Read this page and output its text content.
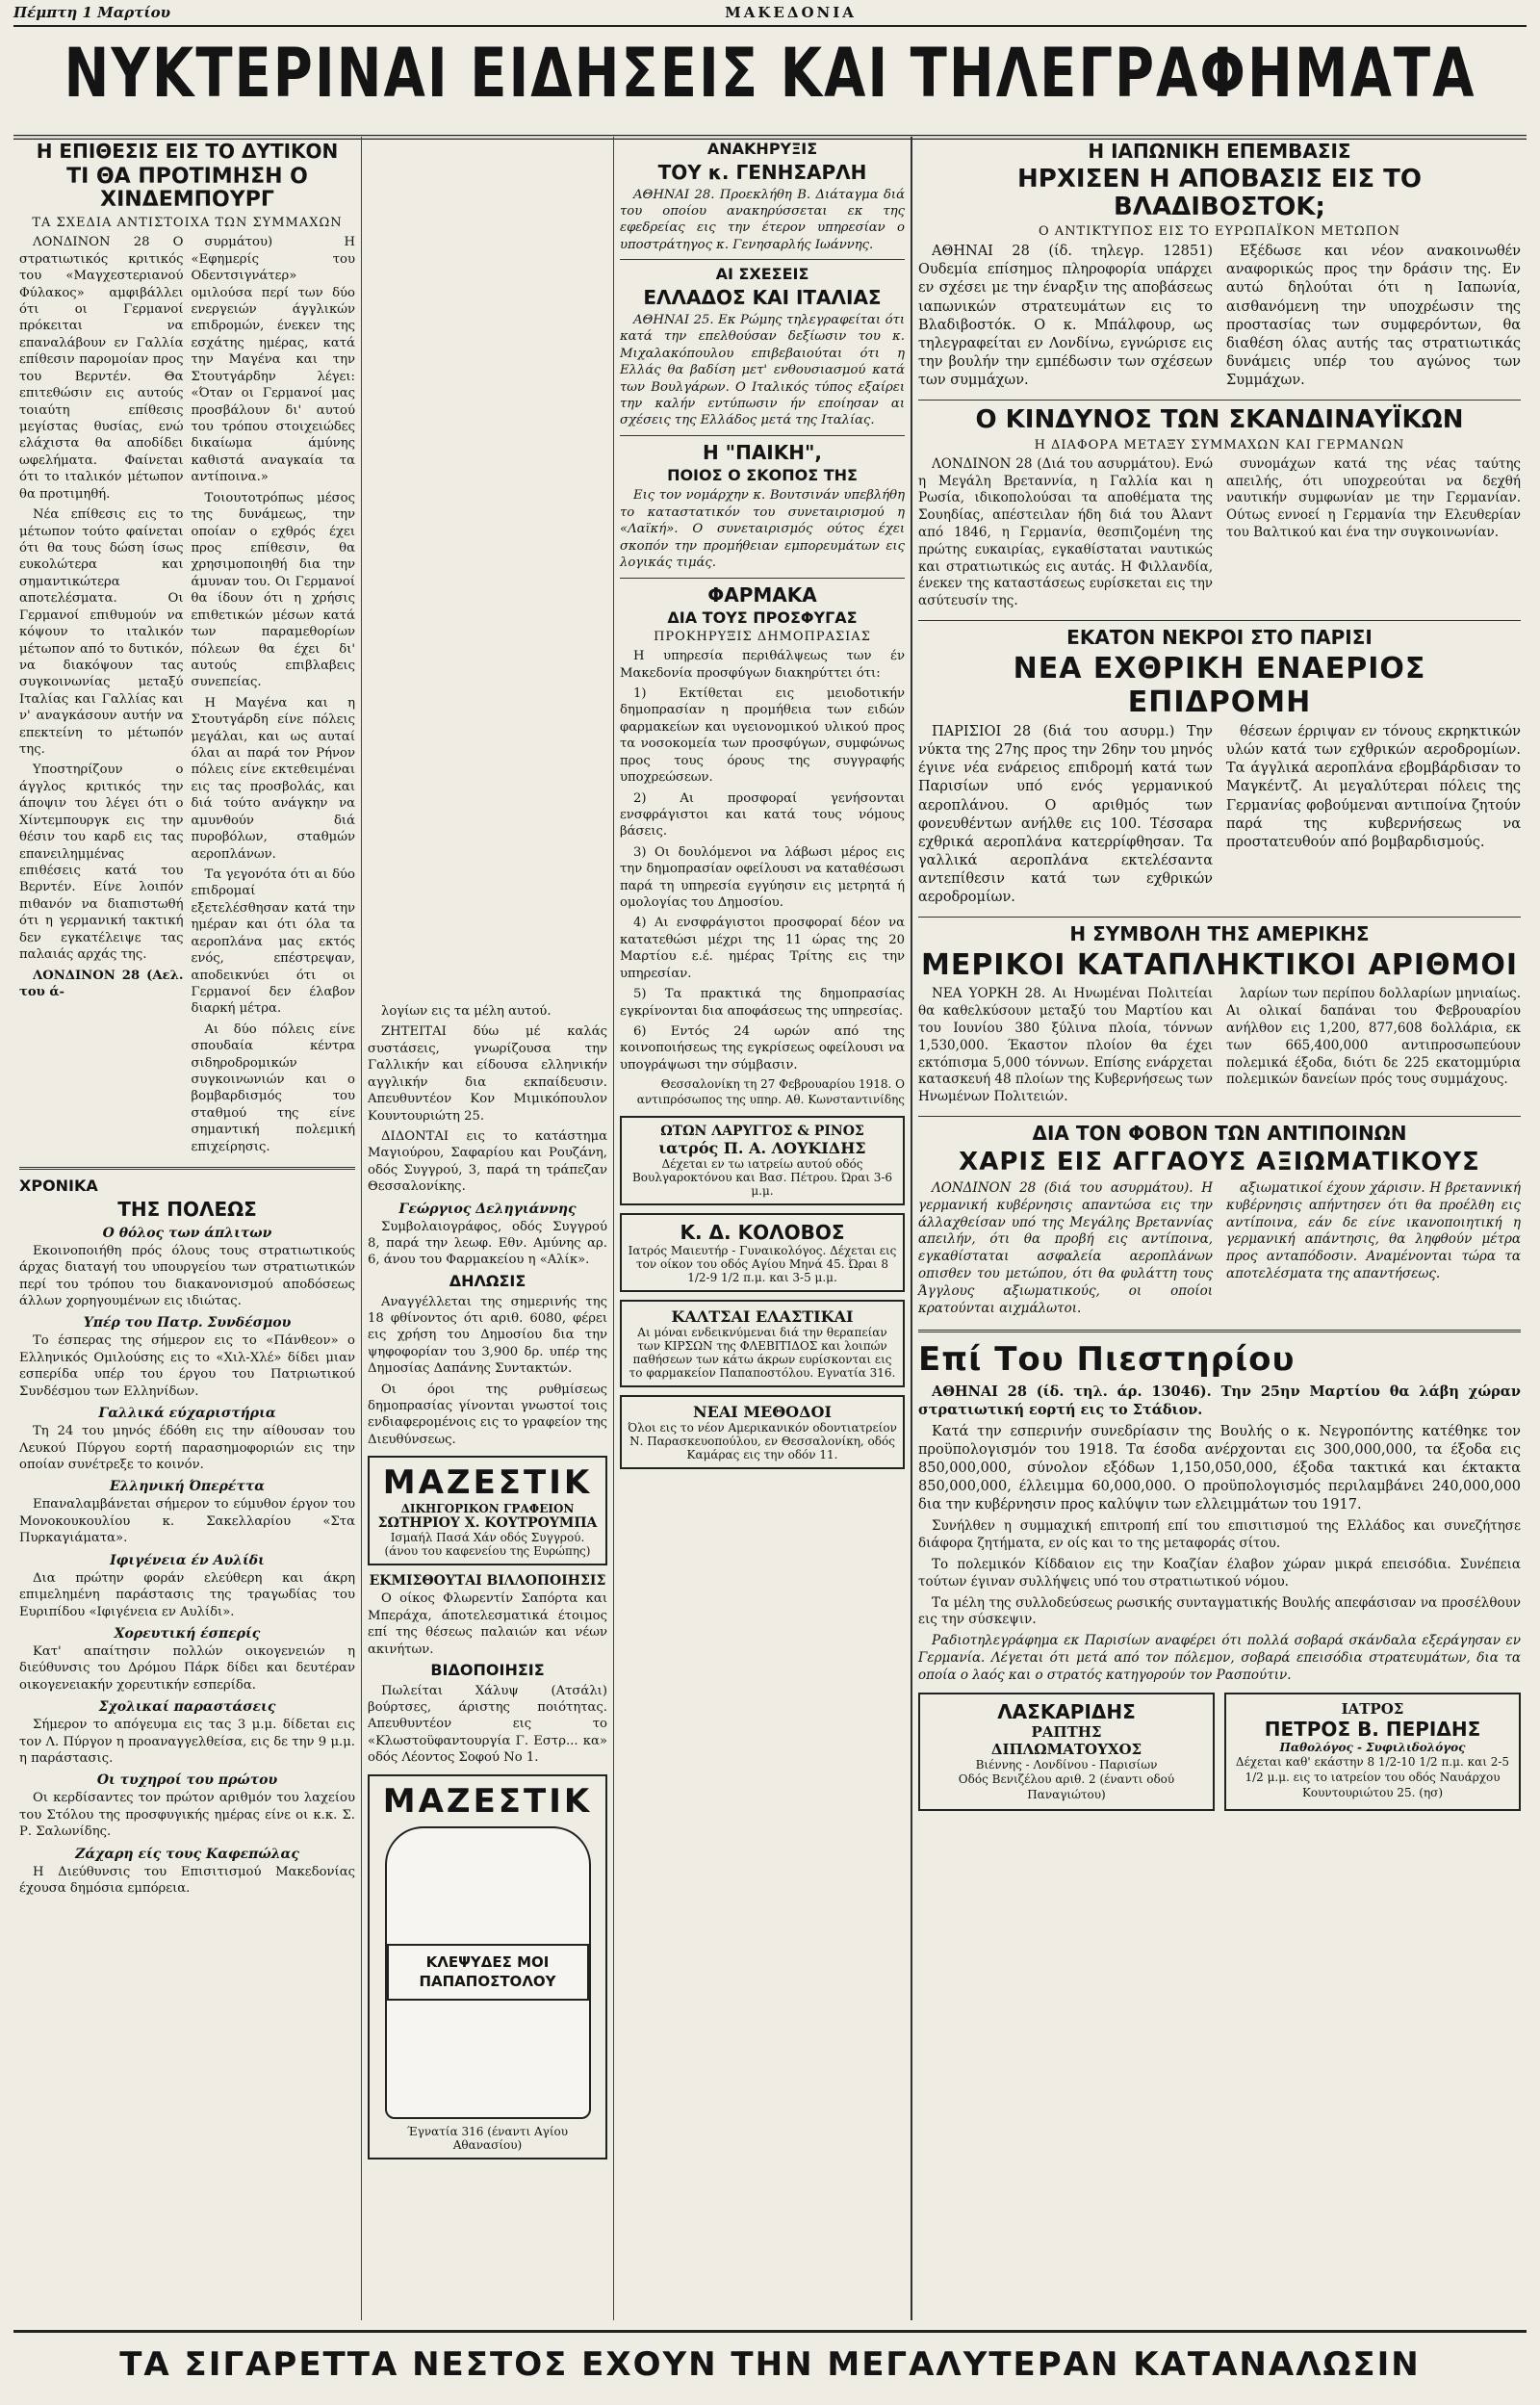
Πέμπτη 1 Μαρτίου	ΜΑΚΕΔΟΝΙΑ
ΝΥΚΤΕΡΙΝΑΙ ΕΙΔΗΣΕΙΣ ΚΑΙ ΤΗΛΕΓΡΑΦΗΜΑΤΑ
Η ΕΠΙΘΕΣΙΣ ΕΙΣ ΤΟ ΔΥΤΙΚΟΝ
ΤΙ ΘΑ ΠΡΟΤΙΜΗΣΗ Ο ΧΙΝΔΕΜΠΟΥΡΓ
ΤΑ ΣΧΕΔΙΑ ΑΝΤΙΣΤΟΙΧΑ ΤΩΝ ΣΥΜΜΑΧΩΝ

ΛΟΝΔΙΝΟΝ 28 Ο στρατιωτικός κριτικός του «Μαγχεστεριανού Φύλακος» αμφιβάλλει ότι οι Γερμανοί πρόκειται να επαναλάβουν εν Γαλλία επίθεσιν παρομοίαν προς του Βερντέν. Θα επιτεθώσιν εις αυτούς τοιαύτη επίθεσις μεγίστας θυσίας, ενώ ελάχιστα θα αποδίδει ωφελήματα. Φαίνεται ότι το ιταλικόν μέτωπον θα προτιμηθή.

Νέα επίθεσις εις το μέτωπον τούτο φαίνεται ότι θα τους δώση ίσως ευκολώτερα και σημαντικώτερα αποτελέσματα. Οι Γερμανοί επιθυμούν να κόψουν το ιταλικόν μέτωπον από το δυτικόν, να διακόψουν τας συγκοινωνίας μεταξύ Ιταλίας και Γαλλίας και ν' αναγκάσουν αυτήν να επεκτείνη το μέτωπόν της.

Υποστηρίζουν ο άγγλος κριτικός την άποψιν του λέγει ότι ο Χίντεμπουργκ εις την θέσιν του καρδ εις τας επανειλημμένας επιθέσεις κατά του Βερντέν. Είνε λοιπόν πιθανόν να διαπιστωθή ότι η γερμανική τακτική δεν εγκατέλειψε τας παλαιάς αρχάς της.

ΛΟΝΔΙΝΟΝ 28 (Αελ. του ά-

συρμάτου) Η «Εφημερίς του Οδεντσιγνάτερ» ομιλούσα περί των δύο ενεργειών άγγλικών επιδρομών, ένεκεν της εσχάτης ημέρας, κατά την Μαγένα και την Στουτγάρδην λέγει: «Όταν οι Γερμανοί μας προσβάλουν δι' αυτού του τρόπου στοιχειώδες δικαίωμα άμύνης καθιστά αναγκαία τα αντίποινα.»

Τοιουτοτρόπως μέσος της δυνάμεως, την οποίαν ο εχθρός έχει προς επίθεσιν, θα χρησιμοποιηθή δια την άμυναν του. Οι Γερμανοί θα ίδουν ότι η χρήσις επιθετικών μέσων κατά των παραμεθορίων πόλεων θα έχει δι' αυτούς επιβλαβεις συνεπείας.

Η Μαγένα και η Στουτγάρδη είνε πόλεις μεγάλαι, και ως αυταί όλαι αι παρά τον Ρήνον πόλεις είνε εκτεθειμέναι εις τας προσβολάς, και διά τούτο ανάγκην να αμυνθούν διά πυροβόλων, σταθμών αεροπλάνων.

Τα γεγονότα ότι αι δύο επιδρομαί εξετελέσθησαν κατά την ημέραν και ότι όλα τα αεροπλάνα μας εκτός ενός, επέστρεψαν, αποδεικνύει ότι οι Γερμανοί δεν έλαβον διαρκή μέτρα.

Αι δύο πόλεις είνε σπουδαία κέντρα σιδηροδρομικών συγκοινωνιών και ο βομβαρδισμός του σταθμού της είνε σημαντική πολεμική επιχείρησις.

ΧΡΟΝΙΚΑ
ΤΗΣ ΠΟΛΕΩΣ
Ο θόλος των άπλιτων

Εκοινοποιήθη πρός όλους τους στρατιωτικούς άρχας διαταγή του υπουργείου των στρατιωτικών περί του τρόπου του διακανονισμού αποδόσεως άλλων χορηγουμένων εις ιδιώτας.

Υπέρ του Πατρ. Συνδέσμου

Το έσπερας της σήμερον εις το «Πάνθεον» ο Ελληνικός Ομιλούσης εις το «Χιλ-Χλέ» δίδει μιαν εσπερίδα υπέρ του έργου του Πατριωτικού Συνδέσμου των Ελληνίδων.

Γαλλικά εύχαριστήρια

Τη 24 του μηνός έδόθη εις την αίθουσαν του Λευκού Πύργου εορτή παρασημοφοριών εις την οποίαν συνέτρεξε το κοινόν.

Ελληνική Όπερέττα

Επαναλαμβάνεται σήμερον το εύμυθον έργον του Μονοκουκουλίου κ. Σακελλαρίου «Στα Πυρκαγιάματα».

Ιφιγένεια έν Αυλίδι

Δια πρώτην φοράν ελεύθερη και άκρη επιμελημένη παράστασις της τραγωδίας του Ευριπίδου «Ιφιγένεια εν Αυλίδι».

Χορευτική έσπερίς

Κατ' απαίτησιν πολλών οικογενειών η διεύθυνσις του Δρόμου Πάρκ δίδει και δευτέραν οικογενειακήν χορευτικήν εσπερίδα.

Σχολικαί παραστάσεις

Σήμερον το απόγευμα εις τας 3 μ.μ. δίδεται εις τον Λ. Πύργον η προαναγγελθείσα, εις δε την 9 μ.μ. η παράστασις.

Οι τυχηροί του πρώτου

Οι κερδίσαντες τον πρώτον αριθμόν του λαχείου του Στόλου της προσφυγικής ημέρας είνε οι κ.κ. Σ. Ρ. Σαλωνίδης.

Ζάχαρη είς τους Καφεπώλας

Η Διεύθυνσις του Επισιτισμού Μακεδονίας έχουσα δημόσια εμπόρεια.

λογίων εις τα μέλη αυτού.

ΖΗΤΕΙΤΑΙ δύω μέ καλάς συστάσεις, γνωρίζουσα την Γαλλικήν και είδουσα ελληνικήν αγγλικήν δια εκπαίδευσιν. Απευθυντέον Κον Μιμικόπουλον Κουντουριώτη 25.

ΔΙΔΟΝΤΑΙ εις το κατάστημα Μαγιούρου, Σαφαρίου και Ρουζάνη, οδός Συγγρού, 3, παρά τη τράπεζαν Θεσσαλονίκης.

Γεώργιος Δεληγιάννης

Συμβολαιογράφος, οδός Συγγρού 8, παρά την λεωφ. Εθν. Αμύνης αρ. 6, άνου του Φαρμακείου η «Αλίκ».

ΔΗΛΩΣΙΣ

Αναγγέλλεται της σημερινής της 18 φθίνοντος ότι αριθ. 6080, φέρει εις χρήση του Δημοσίου δια την ψηφοφορίαν του 3,900 δρ. υπέρ της Δημοσίας Δαπάνης Συντακτών.

Οι όροι της ρυθμίσεως δημοπρασίας γίνονται γνωστοί τοις ενδιαφερομένοις εις το γραφείον της Διευθύνσεως.

ΜΑΖΕΣΤΙΚ
ΔΙΚΗΓΟΡΙΚΟΝ ΓΡΑΦΕΙΟΝ
ΣΩΤΗΡΙΟΥ Χ. ΚΟΥΤΡΟΥΜΠΑ
Ισμαήλ Πασά Χάν οδός Συγγρού. (άνου του καφενείου της Ευρώπης)
ΕΚΜΙΣΘΟΥΤΑΙ ΒΙΛΛΟΠΟΙΗΣΙΣ

Ο οίκος Φλωρεντίν Σαπόρτα και Μπεράχα, άποτελεσματικά έτοιμος επί της θέσεως παλαιών και νέων ακινήτων.

ΒΙΔΟΠΟΙΗΣΙΣ

Πωλείται Χάλυψ (Ατσάλι) βούρτσες, άριστης ποιότητας. Απευθυντέον εις το «Κλωστοϋφαντουργία Γ. Εστρ... κα» οδός Λέοντος Σοφού Νο 1.

ΜΑΖΕΣΤΙΚ
ΚΛΕΨΥΔΕΣ ΜΟΙ ΠΑΠΑΠΟΣΤΟΛΟΥ
Έγνατία 316 (έναντι Αγίου Αθανασίου)
ΑΝΑΚΗΡΥΞΙΣ
ΤΟΥ κ. ΓΕΝΗΣΑΡΛΗ

ΑΘΗΝΑΙ 28. Προεκλήθη Β. Διάταγμα διά του οποίου ανακηρύσσεται εκ της εφεδρείας εις την έτερον υπηρεσίαν ο υποστράτηγος κ. Γενησαρλής Ιωάννης.

ΑΙ ΣΧΕΣΕΙΣ
ΕΛΛΑΔΟΣ ΚΑΙ ΙΤΑΛΙΑΣ

ΑΘΗΝΑΙ 25. Εκ Ρώμης τηλεγραφείται ότι κατά την επελθούσαν δεξίωσιν του κ. Μιχαλακόπουλου επιβεβαιούται ότι η Ελλάς θα βαδίση μετ' ενθουσιασμού κατά των Βουλγάρων. Ο Ιταλικός τύπος εξαίρει την καλήν εντύπωσιν ήν εποίησαν αι σχέσεις της Ελλάδος μετά της Ιταλίας.

Η "ΠΑΙΚΗ",
ΠΟΙΟΣ Ο ΣΚΟΠΟΣ ΤΗΣ

Εις τον νομάρχην κ. Βουτσινάν υπεβλήθη το καταστατικόν του συνεταιρισμού η «Λαϊκή». Ο συνεταιρισμός ούτος έχει σκοπόν την προμήθειαν εμπορευμάτων εις λογικάς τιμάς.

ΦΑΡΜΑΚΑ
ΔΙΑ ΤΟΥΣ ΠΡΟΣΦΥΓΑΣ
ΠΡΟΚΗΡΥΞΙΣ ΔΗΜΟΠΡΑΣΙΑΣ

Η υπηρεσία περιθάλψεως των έν Μακεδονία προσφύγων διακηρύττει ότι:

1) Εκτίθεται εις μειοδοτικήν δημοπρασίαν η προμήθεια των ειδών φαρμακείων και υγειονομικού υλικού προς τα νοσοκομεία των προσφύγων, συμφώνως προς τους όρους της συγγραφής υποχρεώσεων.

2) Αι προσφοραί γενήσονται ενσφράγιστοι και κατά τους νόμους βάσεις.

3) Οι δουλόμενοι να λάβωσι μέρος εις την δημοπρασίαν οφείλουσι να καταθέσωσι παρά τη υπηρεσία εγγύησιν εις μετρητά ή ομολογίας του Δημοσίου.

4) Αι ενσφράγιστοι προσφοραί δέον να κατατεθώσι μέχρι της 11 ώρας της 20 Μαρτίου ε.έ. ημέρας Τρίτης εις την υπηρεσίαν.

5) Τα πρακτικά της δημοπρασίας εγκρίνονται δια αποφάσεως της υπηρεσίας.

6) Εντός 24 ωρών από της κοινοποιήσεως της εγκρίσεως οφείλουσι να υπογράψωσι την σύμβασιν.

Θεσσαλονίκη τη 27 Φεβρουαρίου 1918. Ο αντιπρόσωπος της υπηρ. Αθ. Κωνσταντινίδης

ΩΤΩΝ ΛΑΡΥΓΓΟΣ & ΡΙΝΟΣ
ιατρός Π. Α. ΛΟΥΚΙΔΗΣ
Δέχεται εν τω ιατρείω αυτού οδός Βουλγαροκτόνου και Βασ. Πέτρου. Ώραι 3-6 μ.μ.
Κ. Δ. ΚΟΛΟΒΟΣ
Ιατρός Μαιευτήρ - Γυναικολόγος. Δέχεται εις τον οίκον του οδός Αγίου Μηνά 45. Ώραι 8 1/2-9 1/2 π.μ. και 3-5 μ.μ.
ΚΑΛΤΣΑΙ ΕΛΑΣΤΙΚΑΙ
Αι μόναι ενδεικνύμεναι διά την θεραπείαν των ΚΙΡΣΩΝ της ΦΛΕΒΙΤΙΔΟΣ και λοιπών παθήσεων των κάτω άκρων ευρίσκονται εις το φαρμακείον Παπαποστόλου. Εγνατία 316.
ΝΕΑΙ ΜΕΘΟΔΟΙ
Όλοι εις το νέον Αμερικανικόν οδοντιατρείον Ν. Παρασκευοπούλου, εν Θεσσαλονίκη, οδός Καμάρας εις την οδόν 11.
Η ΙΑΠΩΝΙΚΗ ΕΠΕΜΒΑΣΙΣ
ΗΡΧΙΣΕΝ Η ΑΠΟΒΑΣΙΣ ΕΙΣ ΤΟ ΒΛΑΔΙΒΟΣΤΟΚ;
Ο ΑΝΤΙΚΤΥΠΟΣ ΕΙΣ ΤΟ ΕΥΡΩΠΑΪΚΟΝ ΜΕΤΩΠΟΝ

ΑΘΗΝΑΙ 28 (ίδ. τηλεγρ. 12851) Ουδεμία επίσημος πληροφορία υπάρχει εν σχέσει με την έναρξιν της αποβάσεως ιαπωνικών στρατευμάτων εις το Βλαδιβοστόκ. Ο κ. Μπάλφουρ, ως τηλεγραφείται εν Λονδίνω, εγνώρισε εις την βουλήν την εμπέδωσιν των σχέσεων των συμμάχων.

Εξέδωσε και νέον ανακοινωθέν αναφορικώς προς την δράσιν της. Εν αυτώ δηλούται ότι η Ιαπωνία, αισθανόμενη την υποχρέωσιν της προστασίας των συμφερόντων, θα διαθέση όλας αυτής τας στρατιωτικάς δυνάμεις υπέρ του αγώνος των Συμμάχων.

Ο ΚΙΝΔΥΝΟΣ ΤΩΝ ΣΚΑΝΔΙΝΑΥΪΚΩΝ
Η ΔΙΑΦΟΡΑ ΜΕΤΑΞΥ ΣΥΜΜΑΧΩΝ ΚΑΙ ΓΕΡΜΑΝΩΝ

ΛΟΝΔΙΝΟΝ 28 (Διά του ασυρμάτου). Ενώ η Μεγάλη Βρεταννία, η Γαλλία και η Ρωσία, ιδικοπολούσαι τα αποθέματα της Σουηδίας, απέστειλαν ήδη διά του Άλαντ από 1846, η Γερμανία, θεσπιζομένη της πρώτης ευκαιρίας, εγκαθίσταται ναυτικώς και στρατιωτικώς εις αυτάς. Η Φιλλανδία, ένεκεν της καταστάσεως ευρίσκεται εις την ασύτευσίν της.

συνομάχων κατά της νέας ταύτης απειλής, ότι υποχρεούται να δεχθή ναυτικήν συμφωνίαν με την Γερμανίαν. Ούτως εννοεί η Γερμανία την Ελευθερίαν του Βαλτικού και ένα την συγκοινωνίαν.

ΕΚΑΤΟΝ ΝΕΚΡΟΙ ΣΤΟ ΠΑΡΙΣΙ
ΝΕΑ ΕΧΘΡΙΚΗ ΕΝΑΕΡΙΟΣ ΕΠΙΔΡΟΜΗ

ΠΑΡΙΣΙΟΙ 28 (διά του ασυρμ.) Την νύκτα της 27ης προς την 26ην του μηνός έγινε νέα ενάρειος επιδρομή κατά των Παρισίων υπό ενός γερμανικού αεροπλάνου. Ο αριθμός των φονευθέντων ανήλθε εις 100. Τέσσαρα εχθρικά αεροπλάνα κατερρίφθησαν. Τα γαλλικά αεροπλάνα εκτελέσαντα αντεπίθεσιν κατά των εχθρικών αεροδρομίων.

θέσεων έρριψαν εν τόνους εκρηκτικών υλών κατά των εχθρικών αεροδρομίων. Τα άγγλικά αεροπλάνα εβομβάρδισαν το Μαγκέντζ. Αι μεγαλύτεραι πόλεις της Γερμανίας φοβούμεναι αντιποίνα ζητούν παρά της κυβερνήσεως να προστατευθούν από βομβαρδισμούς.

Η ΣΥΜΒΟΛΗ ΤΗΣ ΑΜΕΡΙΚΗΣ
ΜΕΡΙΚΟΙ ΚΑΤΑΠΛΗΚΤΙΚΟΙ ΑΡΙΘΜΟΙ

ΝΕΑ ΥΟΡΚΗ 28. Αι Ηνωμέναι Πολιτείαι θα καθελκύσουν μεταξύ του Μαρτίου και του Ιουνίου 380 ξύλινα πλοία, τόννων 1,530,000. Έκαστον πλοίον θα έχει εκτόπισμα 5,000 τόννων. Επίσης ενάρχεται κατασκευή 48 πλοίων της Κυβερνήσεως των Ηνωμένων Πολιτειών.

λαρίων των περίπου δολλαρίων μηνιαίως. Αι ολικαί δαπάναι του Φεβρουαρίου ανήλθον εις 1,200, 877,608 δολλάρια, εκ των 665,400,000 αντιπροσωπεύουν πολεμικά έξοδα, διότι δε 225 εκατομμύρια πολεμικών δανείων πρός τους συμμάχους.

ΔΙΑ ΤΟΝ ΦΟΒΟΝ ΤΩΝ ΑΝΤΙΠΟΙΝΩΝ
ΧΑΡΙΣ ΕΙΣ ΑΓΓΑΟΥΣ ΑΞΙΩΜΑΤΙΚΟΥΣ

ΛΟΝΔΙΝΟΝ 28 (διά του ασυρμάτου). Η γερμανική κυβέρνησις απαντώσα εις την άλλαχθείσαν υπό της Μεγάλης Βρεταννίας απειλήν, ότι θα προβή εις αντίποινα, εγκαθίσταται ασφαλεία αεροπλάνων οπισθεν του μετώπου, ότι θα φυλάττη τους Άγγλους αξιωματικούς, οι οποίοι κρατούνται αιχμάλωτοι.

αξιωματικοί έχουν χάρισιν. Η βρεταννική κυβέρνησις απήντησεν ότι θα προέλθη εις αντίποινα, εάν δε είνε ικανοποιητική η γερμανική απάντησις, θα ληφθούν μέτρα προς ανταπόδοσιν. Αναμένονται τώρα τα αποτελέσματα της απαντήσεως.

Επί Του Πιεστηρίου

ΑΘΗΝΑΙ 28 (ίδ. τηλ. άρ. 13046). Την 25ην Μαρτίου θα λάβη χώραν στρατιωτική εορτή εις το Στάδιον.

Κατά την εσπερινήν συνεδρίασιν της Βουλής ο κ. Νεγροπόντης κατέθηκε τον προϋπολογισμόν του 1918. Τα έσοδα ανέρχονται εις 300,000,000, τα έξοδα εις 850,000,000, σύνολον εξόδων 1,150,050,000, έξοδα τακτικά και έκτακτα 850,000,000, έλλειμμα 60,000,000. Ο προϋπολογισμός περιλαμβάνει 240,000,000 δια την κυβέρνησιν προς καλύψιν των ελλειμμάτων του 1917.

Συνήλθεν η συμμαχική επιτροπή επί του επισιτισμού της Ελλάδος και συνεζήτησε διάφορα ζητήματα, εν οίς και το της μεταφοράς σίτου.

Το πολεμικόν Κίδδαιον εις την Κοαζίαν έλαβον χώραν μικρά επεισόδια. Συνέπεια τούτων έγιναν συλλήψεις υπό του στρατιωτικού νόμου.

Τα μέλη της συλλοδεύσεως ρωσικής συνταγματικής Βουλής απεφάσισαν να προσέλθουν εις την σύσκεψιν.

Ραδιοτηλεγράφημα εκ Παρισίων αναφέρει ότι πολλά σοβαρά σκάνδαλα εξεράγησαν εν Γερμανία. Λέγεται ότι μετά από τον πόλεμον, σοβαρά επεισόδια στρατευμάτων, δια τα οποία ο λαός και ο στρατός κατηγορούν τον Ρασπούτιν.

ΛΑΣΚΑΡΙΔΗΣ
ΡΑΠΤΗΣ
ΔΙΠΛΩΜΑΤΟΥΧΟΣ
Βιέννης - Λονδίνου - Παρισίων
Οδός Βενιζέλου αριθ. 2 (έναντι οδού Παναγιώτου)
ΙΑΤΡΟΣ
ΠΕΤΡΟΣ Β. ΠΕΡΙΔΗΣ
Παθολόγος - Συφιλιδολόγος
Δέχεται καθ' εκάστην 8 1/2-10 1/2 π.μ. και 2-5 1/2 μ.μ. εις το ιατρείον του οδός Ναυάρχου Κουντουριώτου 25. (ησ)
ΤΑ ΣΙΓΑΡΕΤΤΑ ΝΕΣΤΟΣ ΕΧΟΥΝ ΤΗΝ ΜΕΓΑΛΥΤΕΡΑΝ ΚΑΤΑΝΑΛΩΣΙΝ
